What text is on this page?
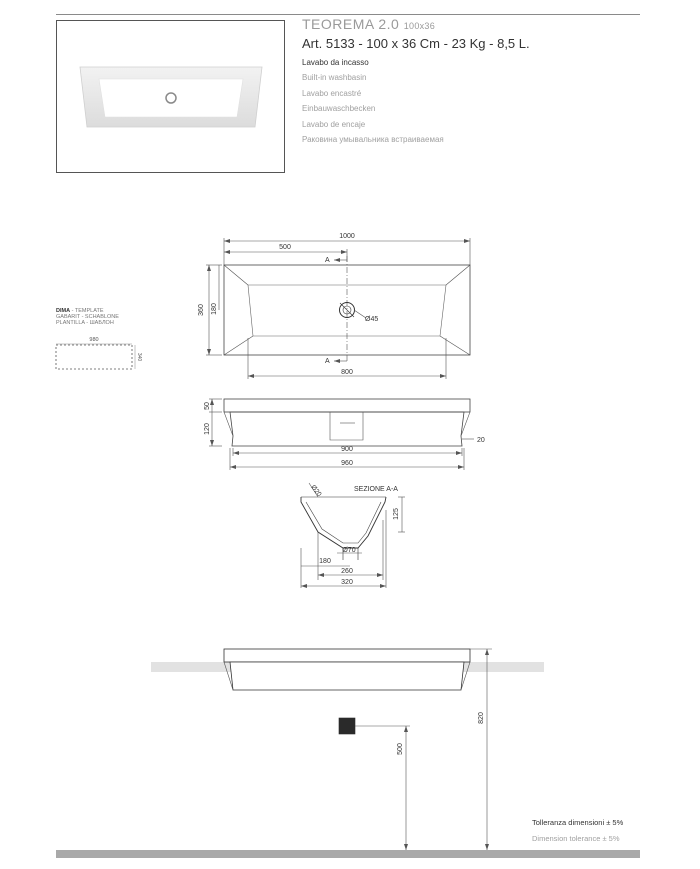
TEOREMA 2.0 100x36
Art. 5133 - 100 x 36 Cm - 23 Kg - 8,5 L.
Lavabo da incasso
Built-in washbasin
Lavabo encastré
Einbauwaschbecken
Lavabo de encaje
Раковина умывальника встраиваемая
DIMA - TEMPLATE
GABARIT - SCHABLONE
PLANTILLA - ШАБЛОН
980
340
1000
500
360 180
Ø45
A
A
800
50
120
20
900
960
SEZIONE A-A
Ø20
125
Ø70
180
260
320
820
500
Tolleranza dimensioni ± 5%
Dimension tolerance ± 5%
